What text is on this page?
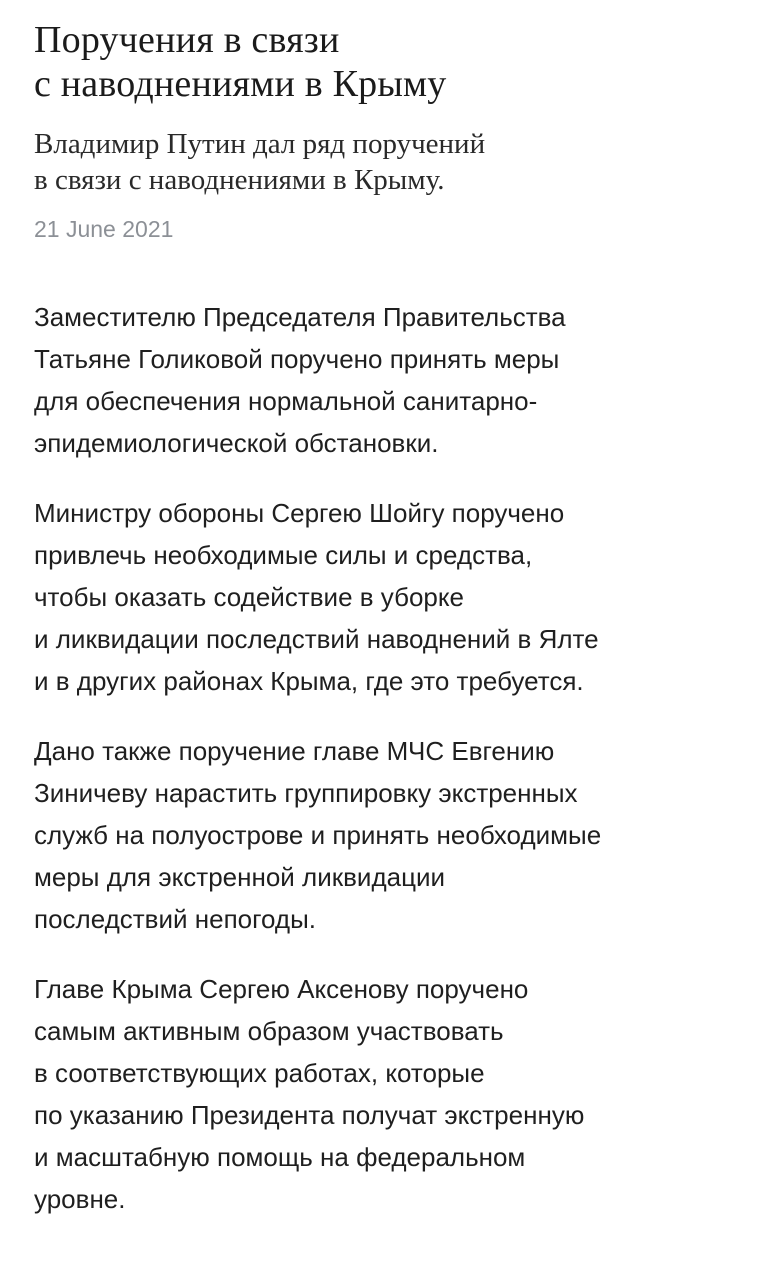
Поручения в связи
с наводнениями в Крыму

Владимир Путин дал ряд поручений
в связи с наводнениями в Крыму.

21 June 2021

Заместителю Председателя Правительства
Татьяне Голиковой поручено принять меры
для обеспечения нормальной санитарно-
эпидемиологической обстановки.

Министру обороны Сергею Шойгу поручено
привлечь необходимые силы и средства,
чтобы оказать содействие в уборке
и ликвидации последствий наводнений в Ялте
и в других районах Крыма, где это требуется.

Дано также поручение главе МЧС Евгению
Зиничеву нарастить группировку экстренных
служб на полуострове и принять необходимые
меры для экстренной ликвидации
последствий непогоды.

Главе Крыма Сергею Аксенову поручено
самым активным образом участвовать
в соответствующих работах, которые
по указанию Президента получат экстренную
и масштабную помощь на федеральном
уровне.
